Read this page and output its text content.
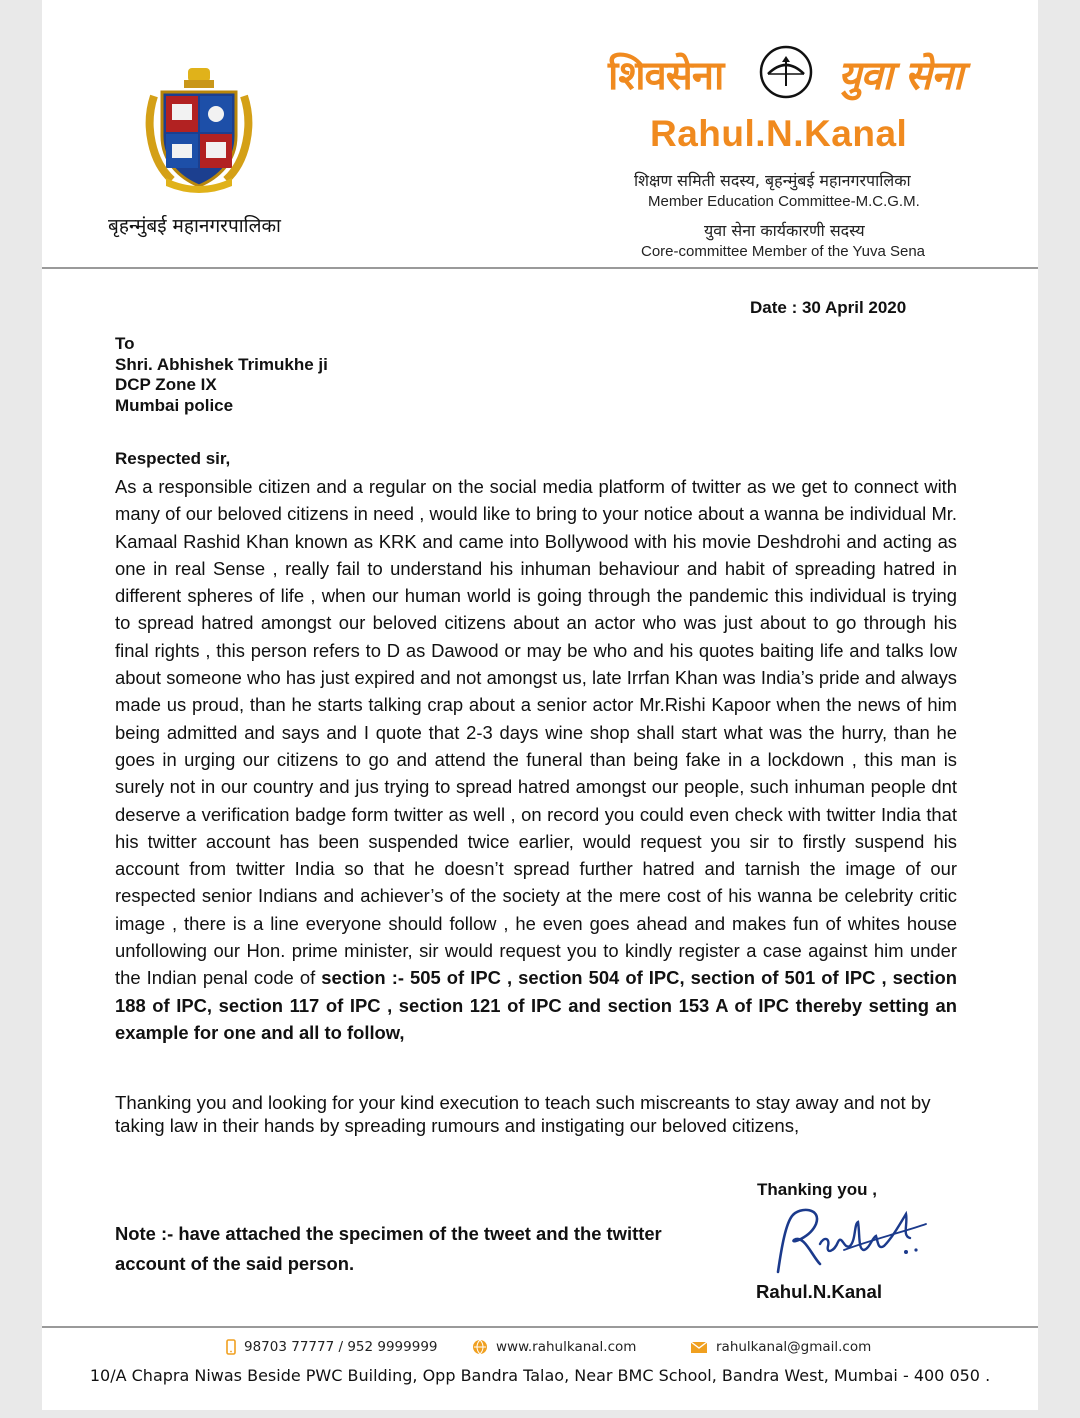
बृहन्मुंबई महानगरपालिका
शिवसेना	युवा सेना
Rahul.N.Kanal
शिक्षण समिती सदस्य, बृहन्मुंबई महानगरपालिका
Member Education Committee-M.C.G.M.
युवा सेना कार्यकारणी सदस्य
Core-committee Member of the Yuva Sena
Date : 30 April 2020
To
Shri. Abhishek Trimukhe ji
DCP Zone IX
Mumbai police
Respected sir,
As a responsible citizen and a regular on the social media platform of twitter as we get to connect with many of our beloved citizens in need , would like to bring to your notice about a wanna be individual Mr. Kamaal Rashid Khan known as KRK and came into Bollywood with his movie Deshdrohi and acting as one in real Sense , really fail to understand his inhuman behaviour and habit of spreading hatred in different spheres of life , when our human world is going through the pandemic this individual is trying to spread hatred amongst our beloved citizens about an actor who was just about to go through his final rights , this person refers to D as Dawood or may be who and his quotes baiting life and talks low about someone who has just expired and not amongst us, late Irrfan Khan was India’s pride and always made us proud, than he starts talking crap about a senior actor Mr.Rishi Kapoor when the news of him being admitted and says and I quote that 2-3 days wine shop shall start what was the hurry, than he goes in urging our citizens to go and attend the funeral than being fake in a lockdown , this man is surely not in our country and jus trying to spread hatred amongst our people, such inhuman people dnt deserve a verification badge form twitter as well , on record you could even check with twitter India that his twitter account has been suspended twice earlier, would request you sir to firstly suspend his account from twitter India so that he doesn’t spread further hatred and tarnish the image of our respected senior Indians and achiever’s of the society at the mere cost of his wanna be celebrity critic image , there is a line everyone should follow , he even goes ahead and makes fun of whites house unfollowing our Hon. prime minister, sir would request you to kindly register a case against him under the Indian penal code of section :- 505 of IPC , section 504 of IPC, section of 501 of IPC , section 188 of IPC, section 117 of IPC , section 121 of IPC and section 153 A of IPC thereby setting an example for one and all to follow,
Thanking you and looking for your kind execution to teach such miscreants to stay away and not by taking law in their hands by spreading rumours and instigating our beloved citizens,
Thanking you ,
Note :- have attached the specimen of the tweet and the twitter account of the said person.
Rahul.N.Kanal
98703 77777 / 952 9999999	www.rahulkanal.com	rahulkanal@gmail.com
10/A Chapra Niwas Beside PWC Building, Opp Bandra Talao, Near BMC School, Bandra West, Mumbai - 400 050 .
